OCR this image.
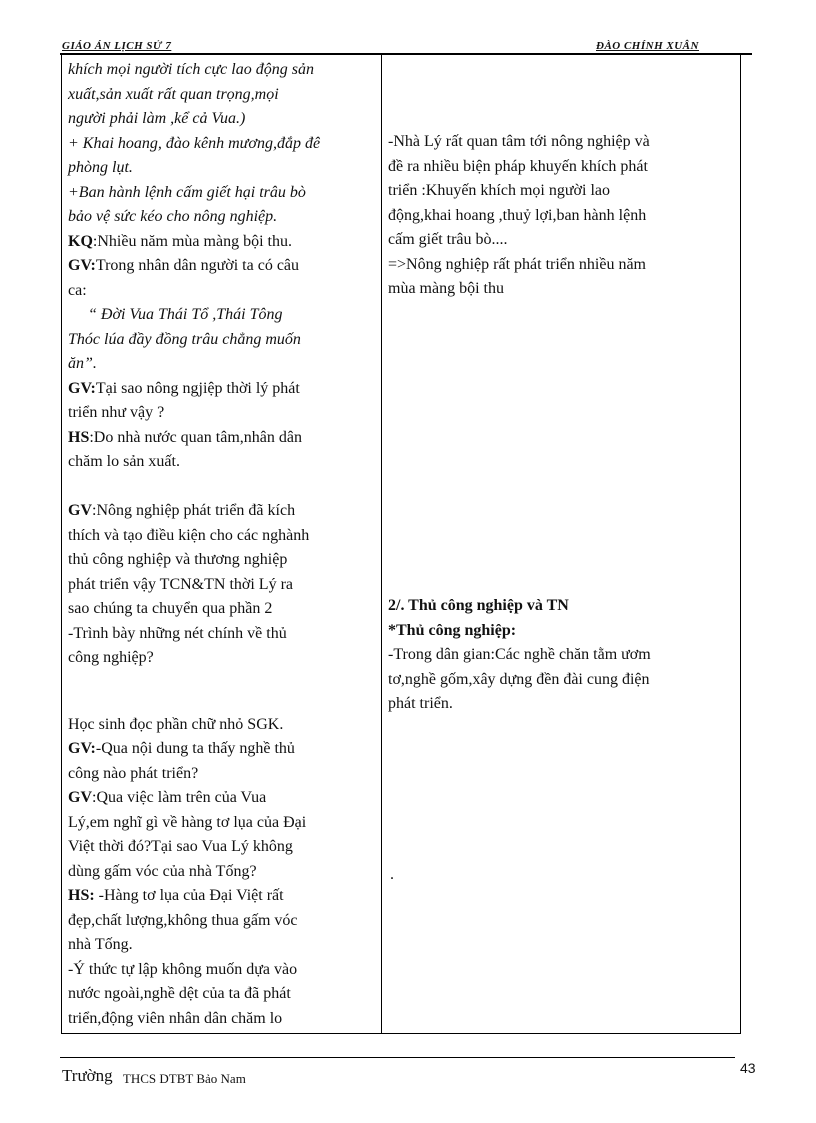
GIÁO ÁN LỊCH SỬ 7	ĐÀO CHÍNH XUÂN
khích mọi người tích cực lao động sản
xuất,sản xuất rất quan trọng,mọi
người phải làm ,kể cả Vua.)
+ Khai hoang, đào kênh mương,đắp đê
phòng lụt.
+Ban hành lệnh cấm giết hại trâu bò
bảo vệ sức kéo cho nông nghiệp.
KQ:Nhiều năm mùa màng bội thu.
GV:Trong nhân dân người ta có câu
ca:
“ Đời Vua Thái Tổ ,Thái Tông
Thóc lúa đầy đồng trâu chẳng muốn
ăn”.
GV:Tại sao nông ngjiệp thời lý phát
triển như vậy ?
HS:Do nhà nước quan tâm,nhân dân
chăm lo sản xuất.
GV:Nông nghiệp phát triển đã kích
thích và tạo điều kiện cho các nghành
thủ công nghiệp và thương nghiệp
phát triển vậy TCN&TN thời Lý ra
sao chúng ta chuyển qua phần 2
-Trình bày những nét chính về thủ
công nghiệp?
Học sinh đọc phần chữ nhỏ SGK.
GV:-Qua nội dung ta thấy nghề thủ
công nào phát triển?
GV:Qua việc làm trên của Vua
Lý,em nghĩ gì về hàng tơ lụa của Đại
Việt thời đó?Tại sao Vua Lý không
dùng gấm vóc của nhà Tống?
HS: -Hàng tơ lụa của Đại Việt rất
đẹp,chất lượng,không thua gấm vóc
nhà Tống.
-Ý thức tự lập không muốn dựa vào
nước ngoài,nghề dệt của ta đã phát
triển,động viên nhân dân chăm lo
-Nhà Lý rất quan tâm tới nông nghiệp và
đề ra nhiều biện pháp khuyến khích phát
triển :Khuyến khích mọi người lao
động,khai hoang ,thuỷ lợi,ban hành lệnh
cấm giết trâu bò....
=>Nông nghiệp rất phát triển nhiều năm
mùa màng bội thu
2/. Thủ công nghiệp và TN
*Thủ công nghiệp:
-Trong dân gian:Các nghề chăn tằm ươm
tơ,nghề gốm,xây dựng đền đài cung điện
phát triển.
.
Trường THCS DTBT Bảo Nam
43
